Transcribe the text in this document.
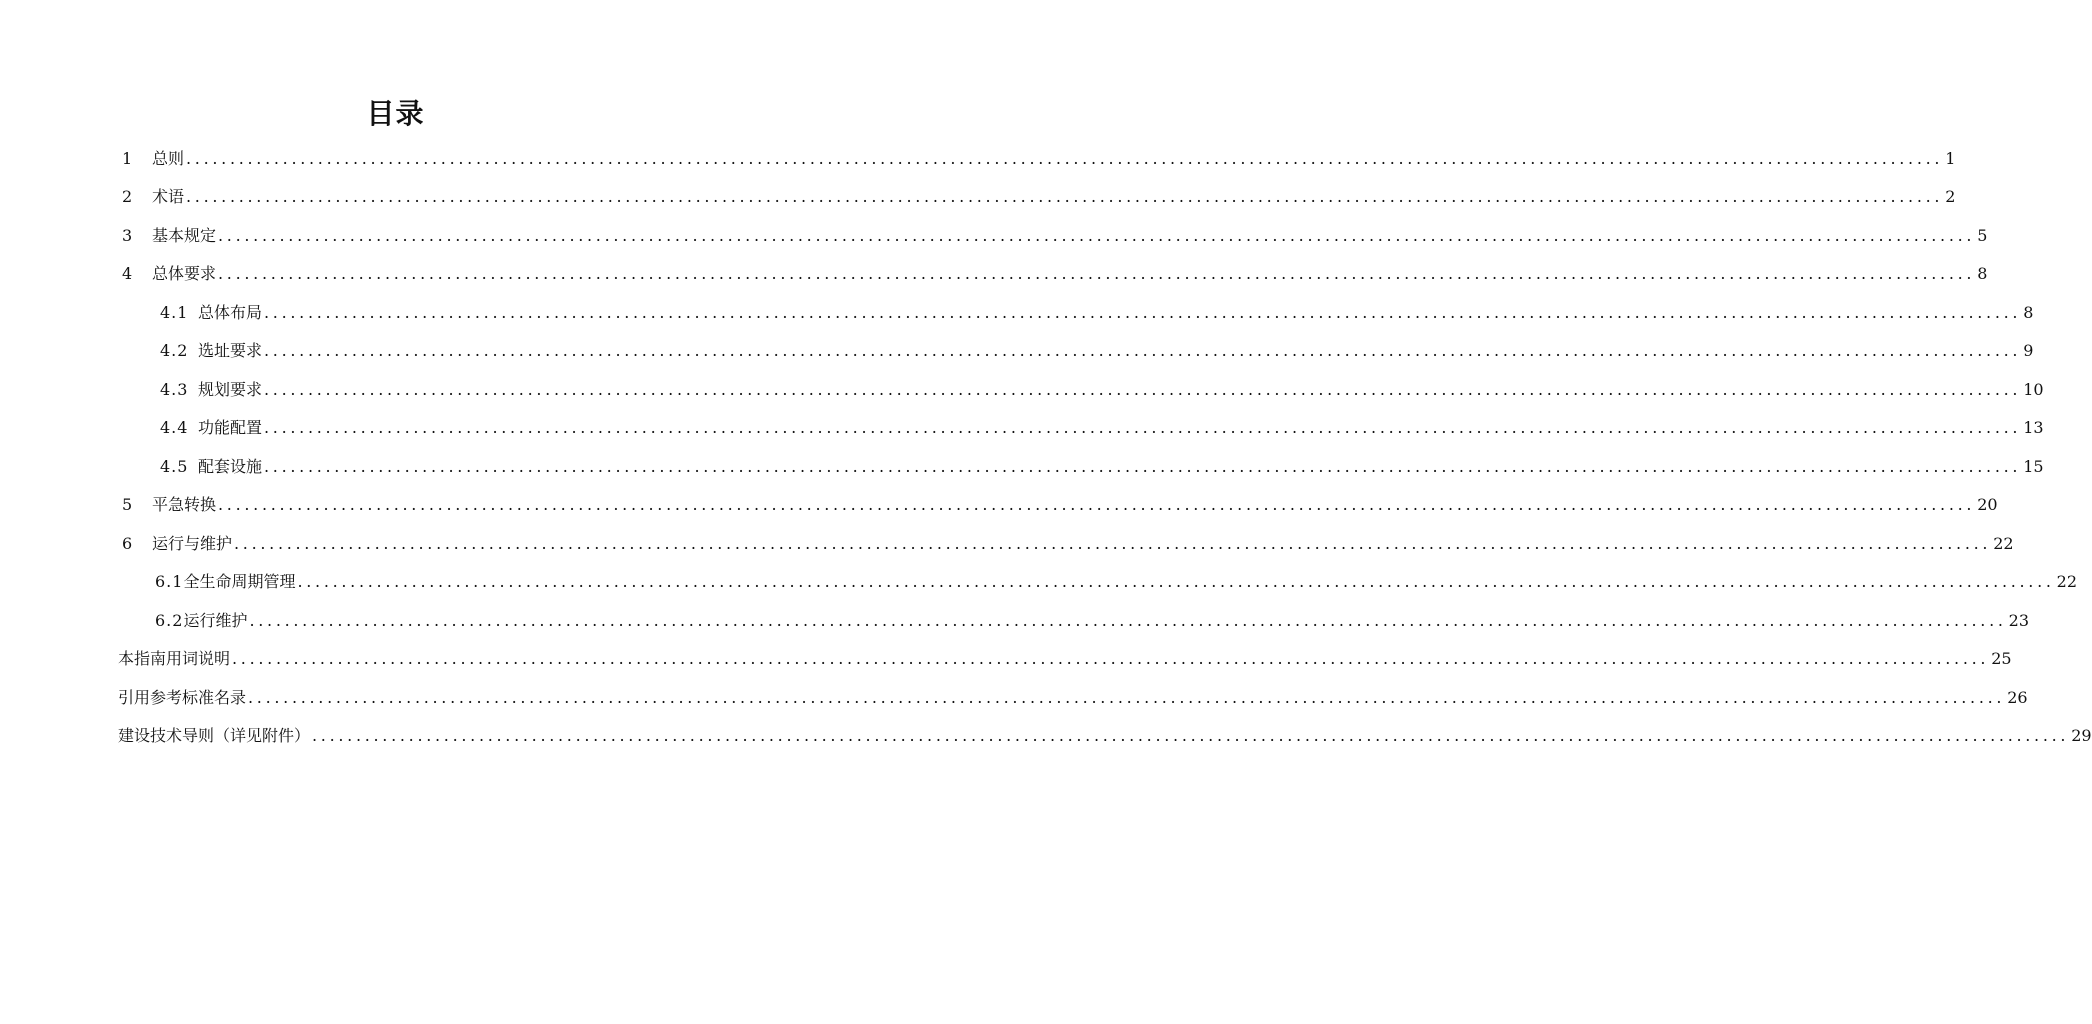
目录
1	总则 ........................................................................................................................................................................................................ 1
2	术语 ........................................................................................................................................................................................................ 2
3	基本规定 ........................................................................................................................................................................................................ 5
4	总体要求 ........................................................................................................................................................................................................ 8
4.1 总体布局 ........................................................................................................................................................................................................ 8
4.2 选址要求 ........................................................................................................................................................................................................ 9
4.3 规划要求 ........................................................................................................................................................................................................ 10
4.4 功能配置 ........................................................................................................................................................................................................ 13
4.5 配套设施 ........................................................................................................................................................................................................ 15
5	平急转换 ........................................................................................................................................................................................................ 20
6	运行与维护 ........................................................................................................................................................................................................ 22
6.1 全生命周期管理 ........................................................................................................................................................................................................ 22
6.2 运行维护 ........................................................................................................................................................................................................ 23
本指南用词说明 ........................................................................................................................................................................................................ 25
引用参考标准名录 ........................................................................................................................................................................................................ 26
建设技术导则（详见附件） ........................................................................................................................................................................................................ 29
